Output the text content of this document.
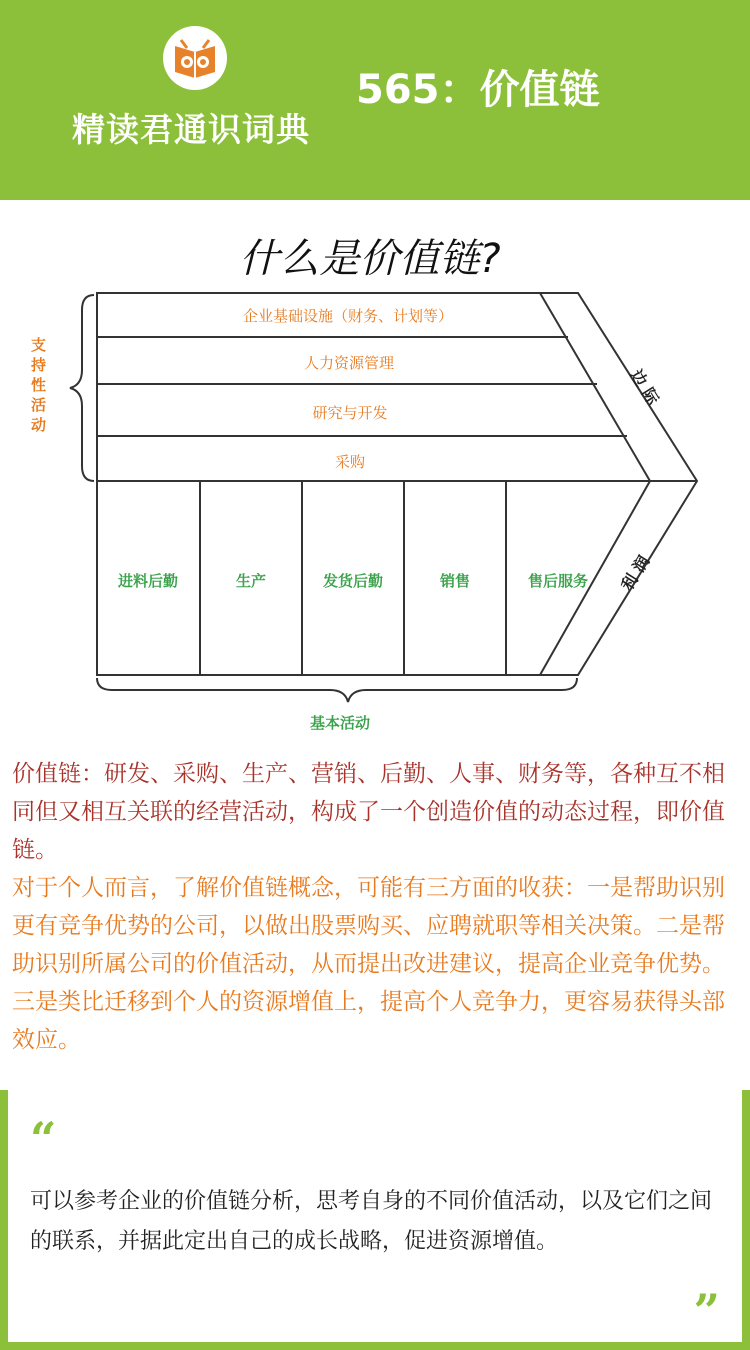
精读君通识词典
565：价值链
什么是价值链?
支 持 性 活 动
企业基础设施（财务、计划等）
人力资源管理
研究与开发
采购
进料后勤	生产	发货后勤	销售	售后服务
边 际
利 润
基本活动

价值链：研发、采购、生产、营销、后勤、人事、财务等，各种互不相同但又相互关联的经营活动，构成了一个创造价值的动态过程，即价值链。

对于个人而言，了解价值链概念，可能有三方面的收获：一是帮助识别更有竞争优势的公司，以做出股票购买、应聘就职等相关决策。二是帮助识别所属公司的价值活动，从而提出改进建议，提高企业竞争优势。三是类比迁移到个人的资源增值上，提高个人竞争力，更容易获得头部效应。

“
可以参考企业的价值链分析，思考自身的不同价值活动，以及它们之间的联系，并据此定出自己的成长战略，促进资源增值。
”
